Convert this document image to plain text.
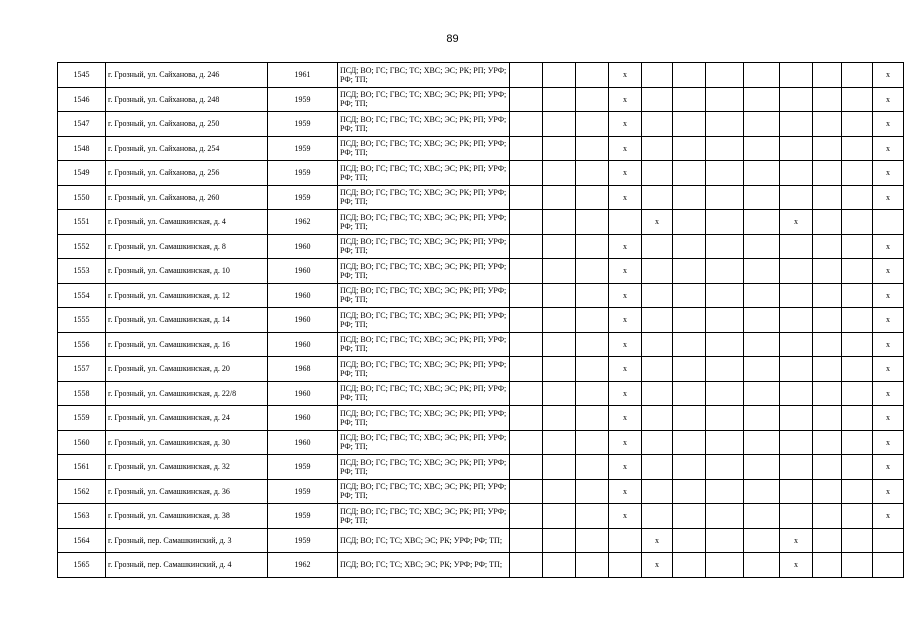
89
1545	г. Грозный, ул. Сайханова, д. 246	1961	ПСД; ВО; ГС; ГВС; ТС; ХВС; ЭС; РК; РП; УРФ; РФ; ТП;				x								x
1546	г. Грозный, ул. Сайханова, д. 248	1959	ПСД; ВО; ГС; ГВС; ТС; ХВС; ЭС; РК; РП; УРФ; РФ; ТП;				x								x
1547	г. Грозный, ул. Сайханова, д. 250	1959	ПСД; ВО; ГС; ГВС; ТС; ХВС; ЭС; РК; РП; УРФ; РФ; ТП;				x								x
1548	г. Грозный, ул. Сайханова, д. 254	1959	ПСД; ВО; ГС; ГВС; ТС; ХВС; ЭС; РК; РП; УРФ; РФ; ТП;				x								x
1549	г. Грозный, ул. Сайханова, д. 256	1959	ПСД; ВО; ГС; ГВС; ТС; ХВС; ЭС; РК; РП; УРФ; РФ; ТП;				x								x
1550	г. Грозный, ул. Сайханова, д. 260	1959	ПСД; ВО; ГС; ГВС; ТС; ХВС; ЭС; РК; РП; УРФ; РФ; ТП;				x								x
1551	г. Грозный, ул. Самашкинская, д. 4	1962	ПСД; ВО; ГС; ГВС; ТС; ХВС; ЭС; РК; РП; УРФ; РФ; ТП;					x				x			
1552	г. Грозный, ул. Самашкинская, д. 8	1960	ПСД; ВО; ГС; ГВС; ТС; ХВС; ЭС; РК; РП; УРФ; РФ; ТП;				x								x
1553	г. Грозный, ул. Самашкинская, д. 10	1960	ПСД; ВО; ГС; ГВС; ТС; ХВС; ЭС; РК; РП; УРФ; РФ; ТП;				x								x
1554	г. Грозный, ул. Самашкинская, д. 12	1960	ПСД; ВО; ГС; ГВС; ТС; ХВС; ЭС; РК; РП; УРФ; РФ; ТП;				x								x
1555	г. Грозный, ул. Самашкинская, д. 14	1960	ПСД; ВО; ГС; ГВС; ТС; ХВС; ЭС; РК; РП; УРФ; РФ; ТП;				x								x
1556	г. Грозный, ул. Самашкинская, д. 16	1960	ПСД; ВО; ГС; ГВС; ТС; ХВС; ЭС; РК; РП; УРФ; РФ; ТП;				x								x
1557	г. Грозный, ул. Самашкинская, д. 20	1968	ПСД; ВО; ГС; ГВС; ТС; ХВС; ЭС; РК; РП; УРФ; РФ; ТП;				x								x
1558	г. Грозный, ул. Самашкинская, д. 22/8	1960	ПСД; ВО; ГС; ГВС; ТС; ХВС; ЭС; РК; РП; УРФ; РФ; ТП;				x								x
1559	г. Грозный, ул. Самашкинская, д. 24	1960	ПСД; ВО; ГС; ГВС; ТС; ХВС; ЭС; РК; РП; УРФ; РФ; ТП;				x								x
1560	г. Грозный, ул. Самашкинская, д. 30	1960	ПСД; ВО; ГС; ГВС; ТС; ХВС; ЭС; РК; РП; УРФ; РФ; ТП;				x								x
1561	г. Грозный, ул. Самашкинская, д. 32	1959	ПСД; ВО; ГС; ГВС; ТС; ХВС; ЭС; РК; РП; УРФ; РФ; ТП;				x								x
1562	г. Грозный, ул. Самашкинская, д. 36	1959	ПСД; ВО; ГС; ГВС; ТС; ХВС; ЭС; РК; РП; УРФ; РФ; ТП;				x								x
1563	г. Грозный, ул. Самашкинская, д. 38	1959	ПСД; ВО; ГС; ГВС; ТС; ХВС; ЭС; РК; РП; УРФ; РФ; ТП;				x								x
1564	г. Грозный, пер. Самашкинский, д. 3	1959	ПСД; ВО; ГС; ТС; ХВС; ЭС; РК; УРФ; РФ; ТП;					x				x			
1565	г. Грозный, пер. Самашкинский, д. 4	1962	ПСД; ВО; ГС; ТС; ХВС; ЭС; РК; УРФ; РФ; ТП;					x				x			
